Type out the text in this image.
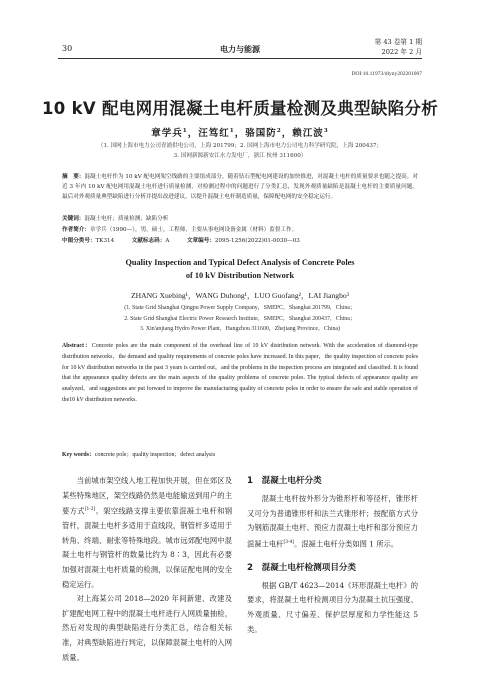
30	电力与能源
第 43 卷第 1 期
2022 年 2 月
DOI:10.11973/dlyny202201007
10 kV 配电网用混凝土电杆质量检测及典型缺陷分析
章学兵$^1$，汪笃红$^1$，骆国防$^2$，赖江波$^3$
（1. 国网上海市电力公司青浦供电公司，上海 201799；2. 国网上海市电力公司电力科学研究院，上海 200437；
3. 国网新源新安江水力发电厂，浙江 杭州 311600）
摘　要：混凝土电杆作为 10 kV 配电网架空线路的主要组成部分，随着钻石型配电网建设的加快推进，对混凝土电杆的质量要求也随之提高。对近 3 年内 10 kV 配电网用混凝土电杆进行质量检测，对检测过程中的问题进行了分类汇总，发现外观质量缺陷是混凝土电杆的主要质量问题。最后对外观质量典型缺陷进行分析并提出改进建议，以提升混凝土电杆制造质量，保障配电网的安全稳定运行。
关键词：混凝土电杆；质量检测；缺陷分析
作者简介：章学兵（1990—），男，硕士，工程师，主要从事电网设备金属（材料）监督工作。
中图分类号：TK314	文献标志码：A	文章编号：2095-1256(2022)01-0030—03
Quality Inspection and Typical Defect Analysis of Concrete Poles
of 10 kV Distribution Network
ZHANG Xuebing¹，WANG Duhong¹，LUO Guofang²，LAI Jiangbo³
(1. State Grid Shanghai Qingpu Power Supply Company，SMEPC，Shanghai 201799，China；
2. State Grid Shanghai Electric Power Research Institute，SMEPC，Shanghai 200437，China；
3. Xin'anjiang Hydro Power Plant，Hangzhou 311600，Zhejiang Province，China)
Abstract：Concrete poles are the main component of the overhead line of 10 kV distribution network. With the acceleration of diamond-type distribution networks，the demand and quality requirements of concrete poles have increased. In this paper，the quality inspection of concrete poles for 10 kV distribution networks in the past 3 years is carried out，and the problems in the inspection process are integrated and classified. It is found that the appearance quality defects are the main aspects of the quality problems of concrete poles. The typical defects of appearance quality are analyzed，and suggestions are put forward to improve the manufacturing quality of concrete poles in order to ensure the safe and stable operation of the10 kV distribution networks.
Key words：concrete pole；quality inspection；defect analysis

当前城市架空线入地工程加快开展，但在郊区及某些特殊地区，架空线路仍然是电能输送到用户的主要方式[1-2]。架空线路支撑主要依靠混凝土电杆和钢管杆，混凝土电杆多适用于直线段，钢管杆多适用于转角、终端、耐张等特殊地段。城市远郊配电网中混凝土电杆与钢管杆的数量比约为 8∶3，因此有必要加强对混凝土电杆质量的检测，以保证配电网的安全稳定运行。

对上海某公司 2018—2020 年间新建、改建及扩建配电网工程中的混凝土电杆进行入网质量抽检，然后对发现的典型缺陷进行分类汇总，结合相关标准，对典型缺陷进行判定，以保障混凝土电杆的入网质量。

1　混凝土电杆分类

混凝土电杆按外形分为锥形杆和等径杆，锥形杆又可分为普通锥形杆和法兰式锥形杆；按配筋方式分为钢筋混凝土电杆、预应力混凝土电杆和部分预应力混凝土电杆[3-4]。混凝土电杆分类如图 1 所示。

2　混凝土电杆检测项目分类

根据 GB/T 4623—2014《环形混凝土电杆》的要求，将混凝土电杆检测项目分为混凝土抗压强度、外观质量、尺寸偏差、保护层厚度和力学性能这 5 类。
